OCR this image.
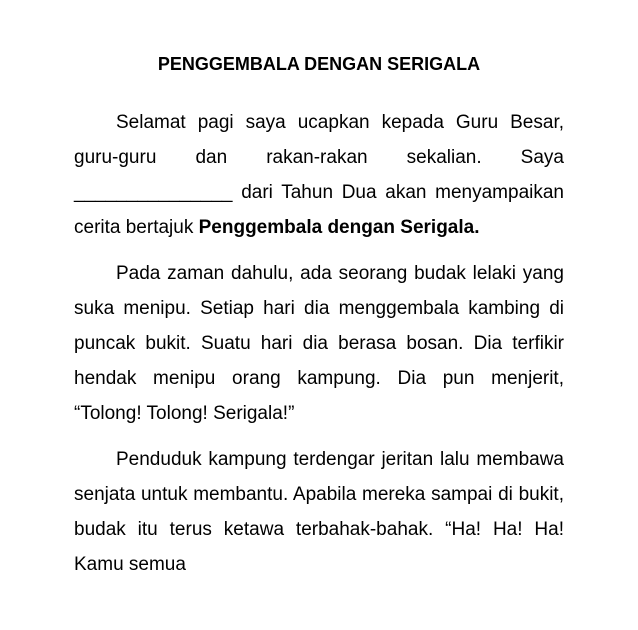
PENGGEMBALA DENGAN SERIGALA

Selamat pagi saya ucapkan kepada Guru Besar, guru-guru dan rakan-rakan sekalian. Saya _______________ dari Tahun Dua akan menyampaikan cerita bertajuk Penggembala dengan Serigala.

Pada zaman dahulu, ada seorang budak lelaki yang suka menipu. Setiap hari dia menggembala kambing di puncak bukit. Suatu hari dia berasa bosan. Dia terfikir hendak menipu orang kampung. Dia pun menjerit, “Tolong! Tolong! Serigala!”

Penduduk kampung terdengar jeritan lalu membawa senjata untuk membantu. Apabila mereka sampai di bukit, budak itu terus ketawa terbahak-bahak. “Ha! Ha! Ha! Kamu semua
